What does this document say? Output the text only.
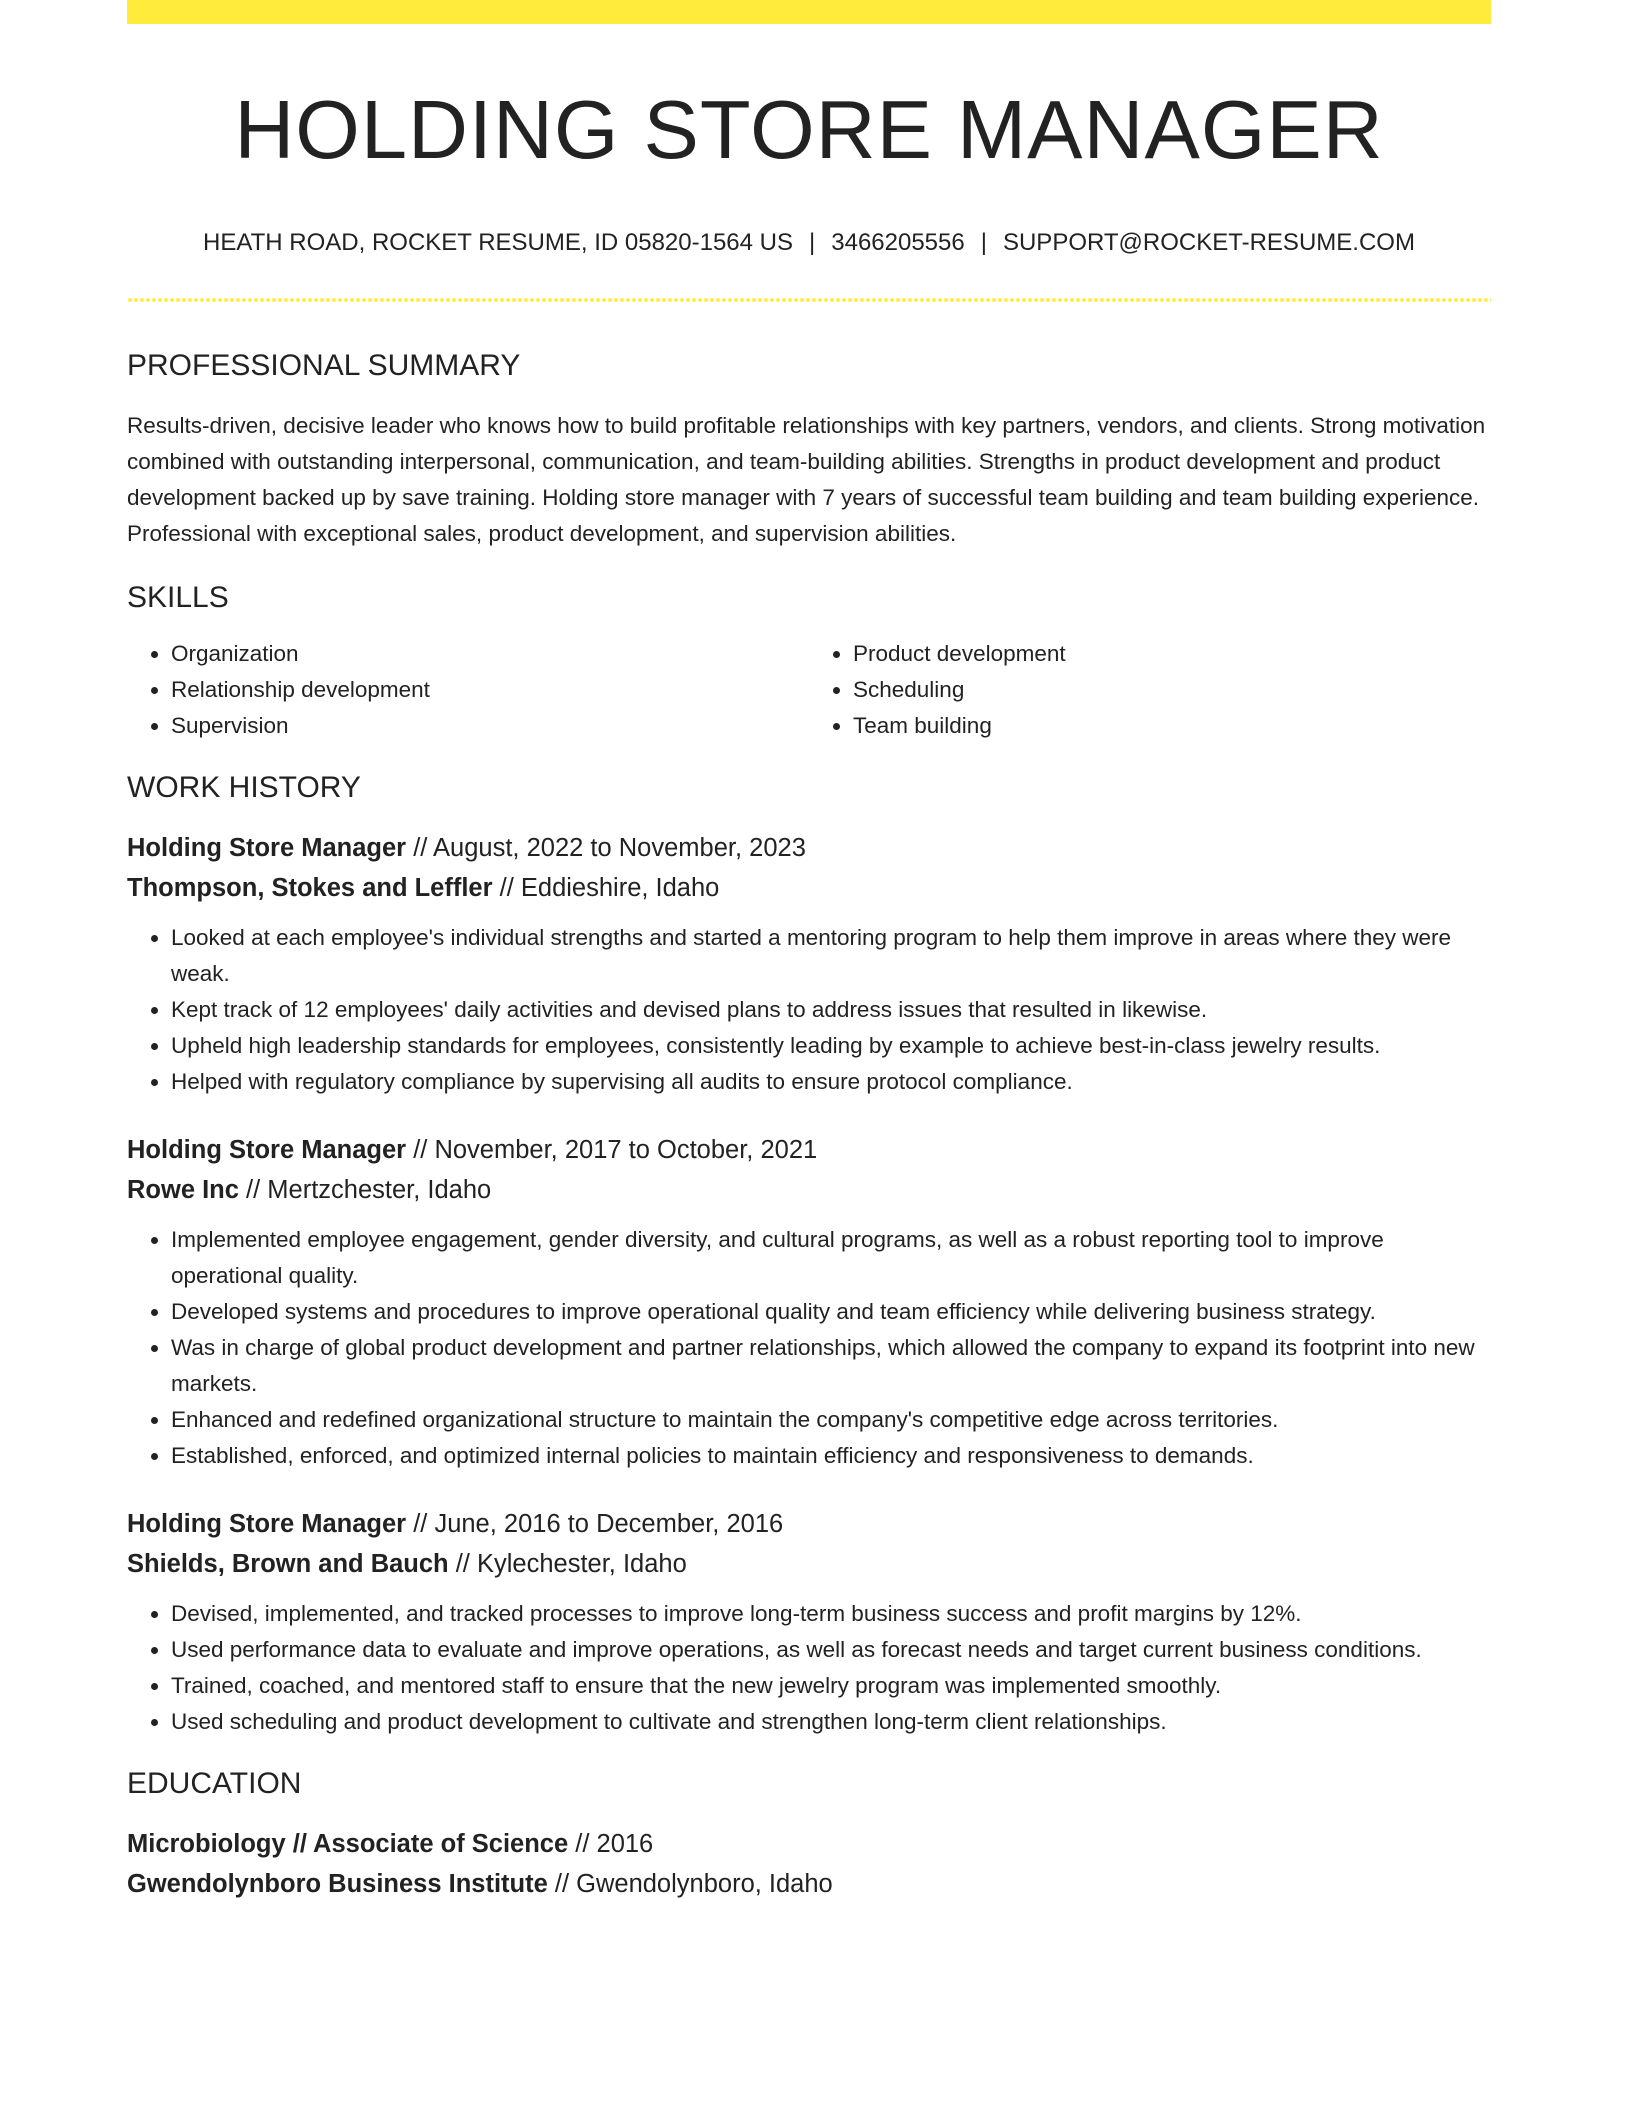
HOLDING STORE MANAGER
HEATH ROAD, ROCKET RESUME, ID 05820-1564 US | 3466205556 | SUPPORT@ROCKET-RESUME.COM
PROFESSIONAL SUMMARY

Results-driven, decisive leader who knows how to build profitable relationships with key partners, vendors, and clients. Strong motivation combined with outstanding interpersonal, communication, and team-building abilities. Strengths in product development and product development backed up by save training. Holding store manager with 7 years of successful team building and team building experience. Professional with exceptional sales, product development, and supervision abilities.

SKILLS
• Organization
• Relationship development
• Supervision
• Product development
• Scheduling
• Team building
WORK HISTORY

Holding Store Manager // August, 2022 to November, 2023

Thompson, Stokes and Leffler // Eddieshire, Idaho

• Looked at each employee's individual strengths and started a mentoring program to help them improve in areas where they were weak.
• Kept track of 12 employees' daily activities and devised plans to address issues that resulted in likewise.
• Upheld high leadership standards for employees, consistently leading by example to achieve best-in-class jewelry results.
• Helped with regulatory compliance by supervising all audits to ensure protocol compliance.

Holding Store Manager // November, 2017 to October, 2021

Rowe Inc // Mertzchester, Idaho

• Implemented employee engagement, gender diversity, and cultural programs, as well as a robust reporting tool to improve operational quality.
• Developed systems and procedures to improve operational quality and team efficiency while delivering business strategy.
• Was in charge of global product development and partner relationships, which allowed the company to expand its footprint into new markets.
• Enhanced and redefined organizational structure to maintain the company's competitive edge across territories.
• Established, enforced, and optimized internal policies to maintain efficiency and responsiveness to demands.

Holding Store Manager // June, 2016 to December, 2016

Shields, Brown and Bauch // Kylechester, Idaho

• Devised, implemented, and tracked processes to improve long-term business success and profit margins by 12%.
• Used performance data to evaluate and improve operations, as well as forecast needs and target current business conditions.
• Trained, coached, and mentored staff to ensure that the new jewelry program was implemented smoothly.
• Used scheduling and product development to cultivate and strengthen long-term client relationships.
EDUCATION

Microbiology // Associate of Science // 2016

Gwendolynboro Business Institute // Gwendolynboro, Idaho
